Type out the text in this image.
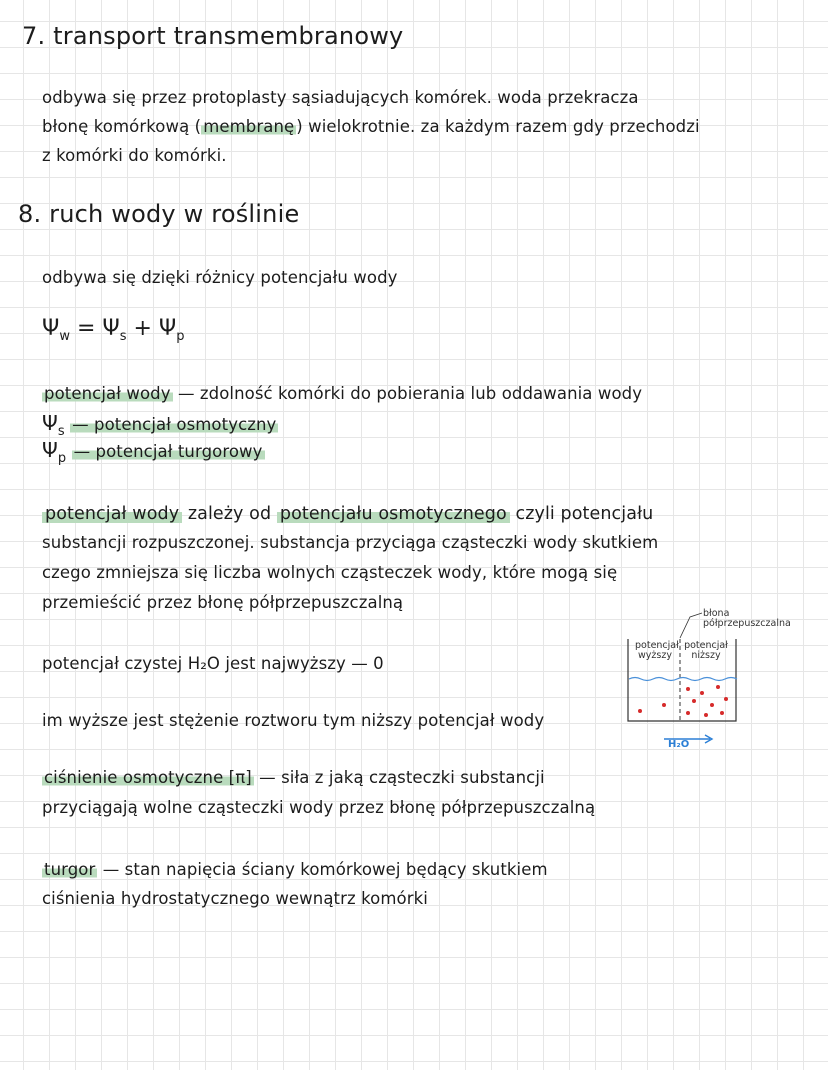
7. transport transmembranowy
odbywa się przez protoplasty sąsiadujących komórek. woda przekracza
błonę komórkową ( membranę ) wielokrotnie. za każdym razem gdy przechodzi
z komórki do komórki.
8. ruch wody w roślinie
odbywa się dzięki różnicy potencjału wody
$\Psi_w = \Psi_s + \Psi_p$
potencjał wody — zdolność komórki do pobierania lub oddawania wody
$\Psi_s$ — potencjał osmotyczny
$\Psi_p$ — potencjał turgorowy
potencjał wody zależy od potencjału osmotycznego czyli potencjału
substancji rozpuszczonej. substancja przyciąga cząsteczki wody skutkiem
czego zmniejsza się liczba wolnych cząsteczek wody, które mogą się
przemieścić przez błonę półprzepuszczalną
potencjał czystej H₂O jest najwyższy — 0
im wyższe jest stężenie roztworu tym niższy potencjał wody
ciśnienie osmotyczne [π] — siła z jaką cząsteczki substancji
przyciągają wolne cząsteczki wody przez błonę półprzepuszczalną
turgor — stan napięcia ściany komórkowej będący skutkiem
ciśnienia hydrostatycznego wewnątrz komórki
błona
półprzepuszczalna
potencjał
wyższy
potencjał
niższy
H₂O
